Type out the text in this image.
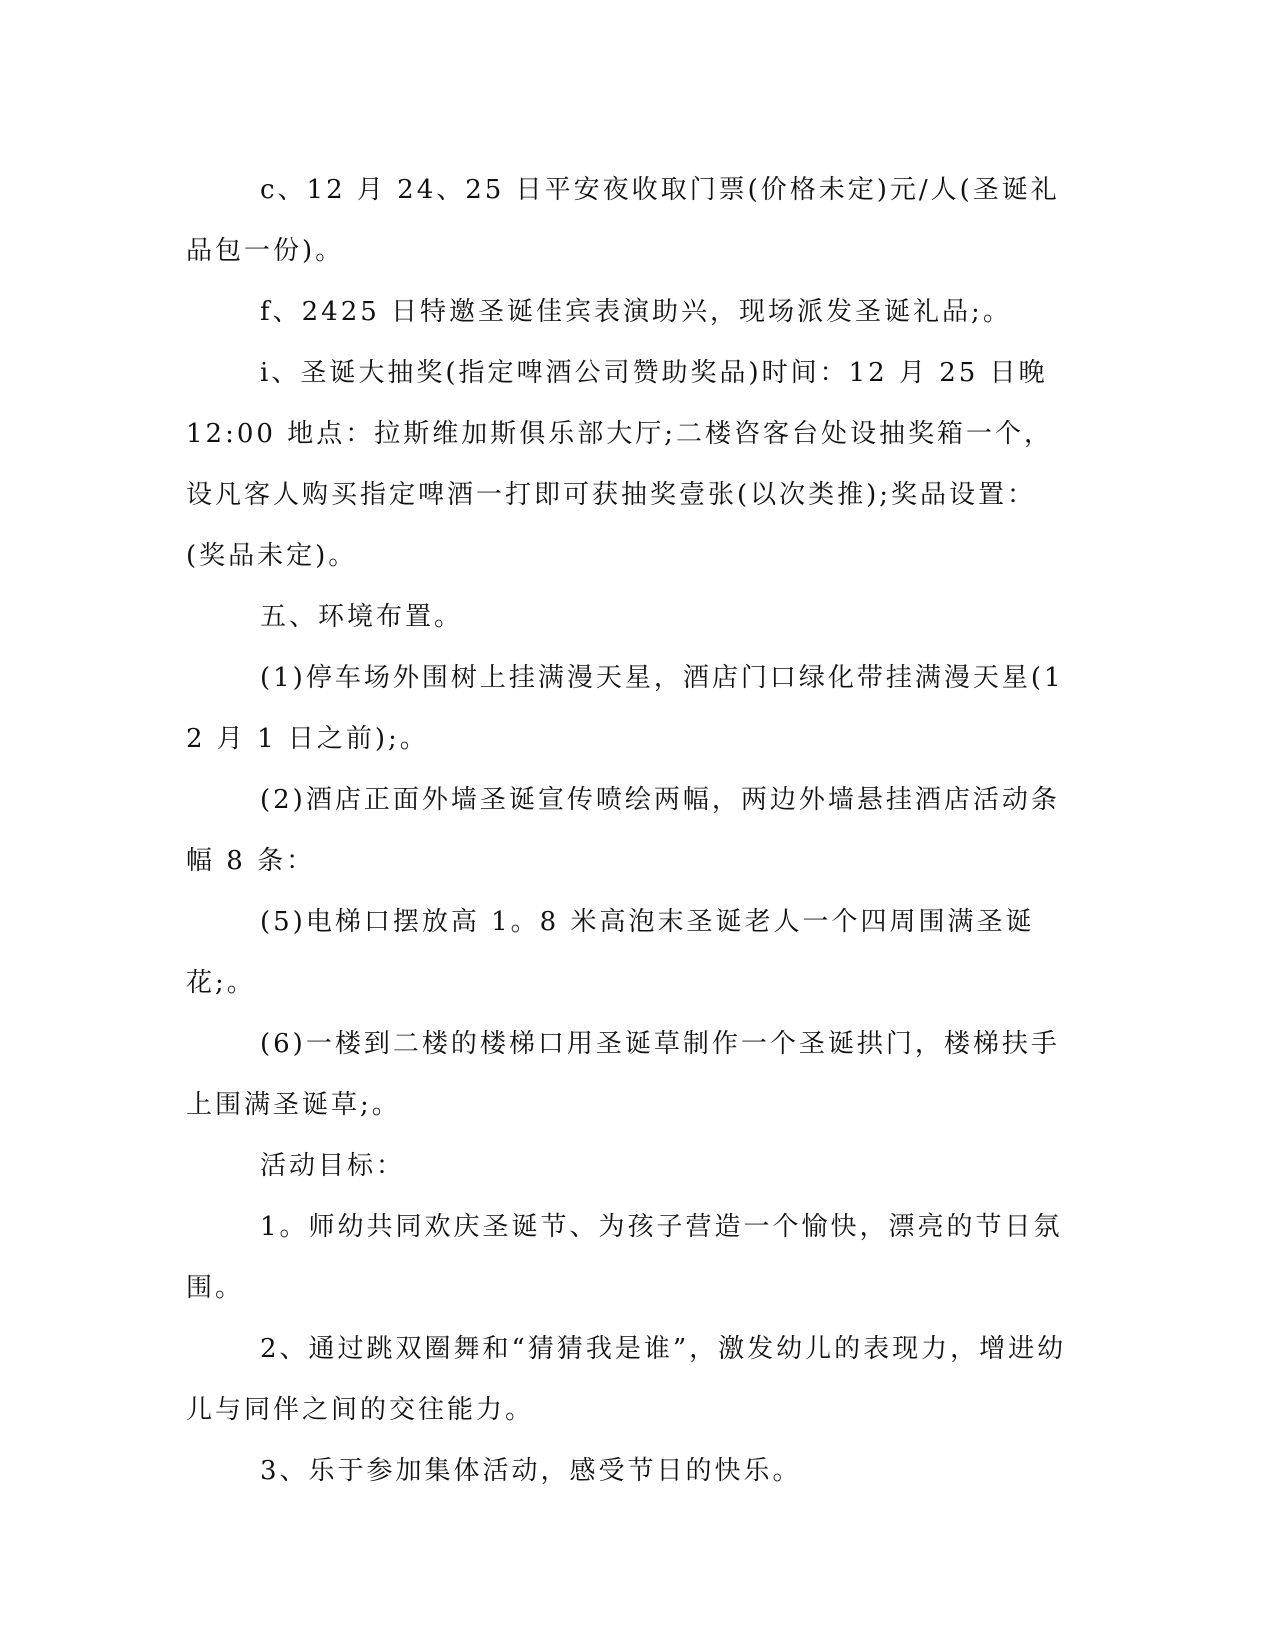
c、12 月 24、25 日平安夜收取门票(价格未定)元/人(圣诞礼品包一份)。

f、2425 日特邀圣诞佳宾表演助兴，现场派发圣诞礼品;。

i、圣诞大抽奖(指定啤酒公司赞助奖品)时间：12 月 25 日晚 12:00 地点：拉斯维加斯俱乐部大厅;二楼咨客台处设抽奖箱一个，设凡客人购买指定啤酒一打即可获抽奖壹张(以次类推);奖品设置：(奖品未定)。

五、环境布置。

(1)停车场外围树上挂满漫天星，酒店门口绿化带挂满漫天星(12 月 1 日之前);。

(2)酒店正面外墙圣诞宣传喷绘两幅，两边外墙悬挂酒店活动条幅 8 条：

(5)电梯口摆放高 1。8 米高泡末圣诞老人一个四周围满圣诞花;。

(6)一楼到二楼的楼梯口用圣诞草制作一个圣诞拱门，楼梯扶手上围满圣诞草;。

活动目标：

1。师幼共同欢庆圣诞节、为孩子营造一个愉快，漂亮的节日氛围。

2、通过跳双圈舞和“猜猜我是谁”，激发幼儿的表现力，增进幼儿与同伴之间的交往能力。

3、乐于参加集体活动，感受节日的快乐。
